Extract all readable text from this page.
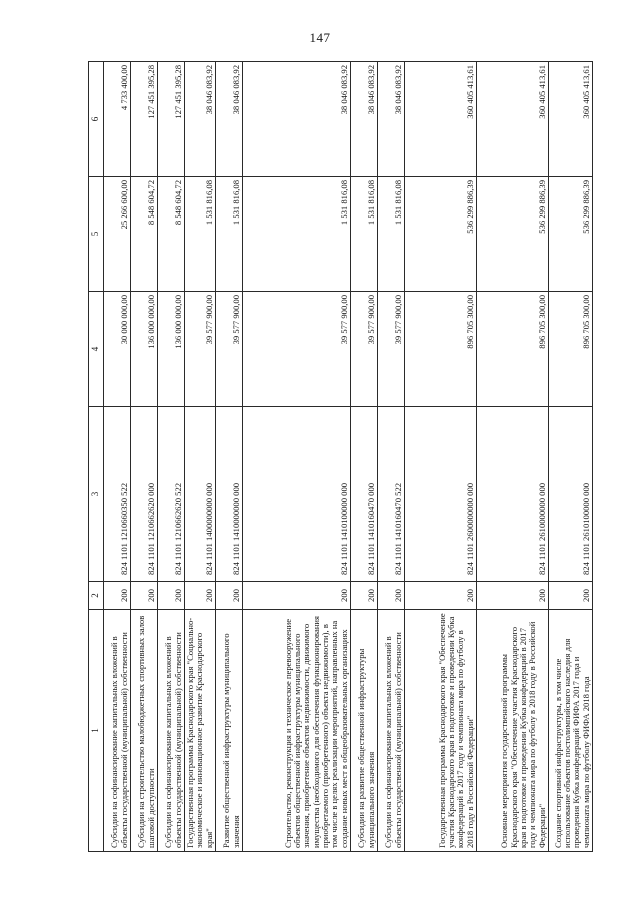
147
1	2	3	4	5	6
Субсидии на софинансирование капитальных вложений в объекты государственной (муниципальной) собственности	200	824 1101 1210660350 522	30 000 000,00	25 266 600,00	4 733 400,00
Субсидии на строительство малобюджетных спортивных залов шаговой доступности	200	824 1101 1210662620 000	136 000 000,00	8 548 604,72	127 451 395,28
Субсидии на софинансирование капитальных вложений в объекты государственной (муниципальной) собственности	200	824 1101 1210662620 522	136 000 000,00	8 548 604,72	127 451 395,28
Государственная программа Краснодарского края "Социально-экономическое и инновационное развитие Краснодарского края"	200	824 1101 1400000000 000	39 577 900,00	1 531 816,08	38 046 083,92
Развитие общественной инфраструктуры муниципального значения	200	824 1101 1410000000 000	39 577 900,00	1 531 816,08	38 046 083,92
Строительство, реконструкция и техническое перевооружение объектов общественной инфраструктуры муниципального значения, приобретение объектов недвижимости, движимого имущества (необходимого для обеспечения функционирования приобретаемого (приобретенного) объекта недвижимости), в том числе в целях реализации мероприятий, направленных на создание новых мест в общеобразовательных организациях	200	824 1101 1410100000 000	39 577 900,00	1 531 816,08	38 046 083,92
Субсидии на развитие общественной инфраструктуры муниципального значения	200	824 1101 1410160470 000	39 577 900,00	1 531 816,08	38 046 083,92
Субсидии на софинансирование капитальных вложений в объекты государственной (муниципальной) собственности	200	824 1101 1410160470 522	39 577 900,00	1 531 816,08	38 046 083,92
Государственная программа Краснодарского края "Обеспечение участия Краснодарского края в подготовке и проведении Кубка конфедераций в 2017 году и чемпионата мира по футболу в 2018 году в Российской Федерации"	200	824 1101 2600000000 000	896 705 300,00	536 299 886,39	360 405 413,61
Основные мероприятия государственной программы Краснодарского края "Обеспечение участия Краснодарского края в подготовке и проведении Кубка конфедераций в 2017 году и чемпионата мира по футболу в 2018 году в Российской Федерации"	200	824 1101 2610000000 000	896 705 300,00	536 299 886,39	360 405 413,61
Создание спортивной инфраструктуры, в том числе использование объектов постолимпийского наследия для проведения Кубка конфедераций ФИФА 2017 года и чемпионата мира по футболу ФИФА 2018 года	200	824 1101 2610100000 000	896 705 300,00	536 299 886,39	360 405 413,61
